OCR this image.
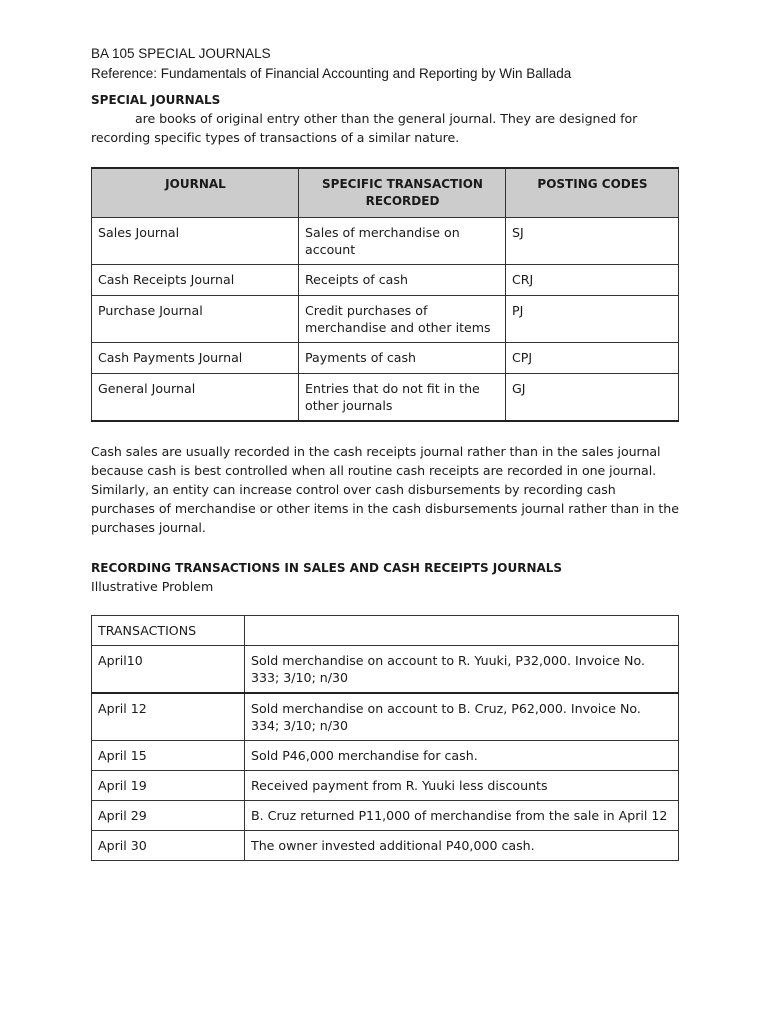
BA 105 SPECIAL JOURNALS

Reference: Fundamentals of Financial Accounting and Reporting by Win Ballada

SPECIAL JOURNALS

are books of original entry other than the general journal. They are designed for recording specific types of transactions of a similar nature.

JOURNAL	SPECIFIC TRANSACTION RECORDED	POSTING CODES
Sales Journal	Sales of merchandise on account	SJ
Cash Receipts Journal	Receipts of cash	CRJ
Purchase Journal	Credit purchases of merchandise and other items	PJ
Cash Payments Journal	Payments of cash	CPJ
General Journal	Entries that do not fit in the other journals	GJ

Cash sales are usually recorded in the cash receipts journal rather than in the sales journal because cash is best controlled when all routine cash receipts are recorded in one journal. Similarly, an entity can increase control over cash disbursements by recording cash purchases of merchandise or other items in the cash disbursements journal rather than in the purchases journal.

RECORDING TRANSACTIONS IN SALES AND CASH RECEIPTS JOURNALS

Illustrative Problem

TRANSACTIONS	
April10	Sold merchandise on account to R. Yuuki, P32,000. Invoice No. 333; 3/10; n/30
April 12	Sold merchandise on account to B. Cruz, P62,000. Invoice No. 334; 3/10; n/30
April 15	Sold P46,000 merchandise for cash.
April 19	Received payment from R. Yuuki less discounts
April 29	B. Cruz returned P11,000 of merchandise from the sale in April 12
April 30	The owner invested additional P40,000 cash.
